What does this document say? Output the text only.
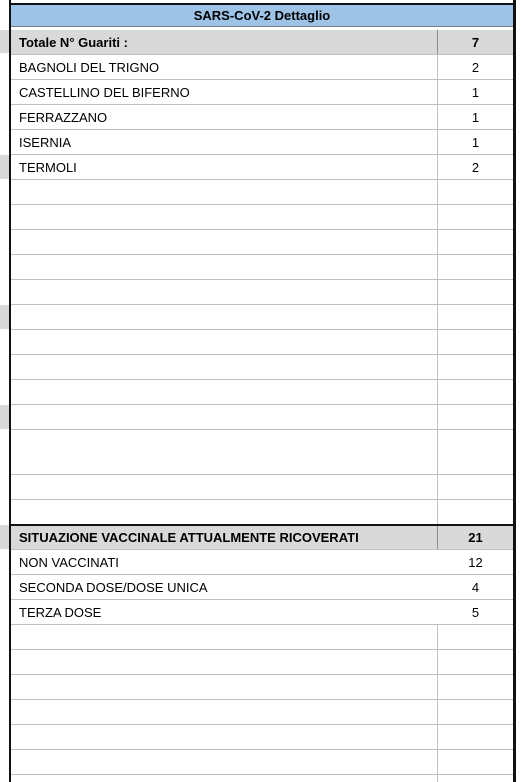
SARS-CoV-2 Dettaglio
Totale N° Guariti :	7
BAGNOLI DEL TRIGNO	2
CASTELLINO DEL BIFERNO	1
FERRAZZANO	1
ISERNIA	1
TERMOLI	2
SITUAZIONE VACCINALE ATTUALMENTE RICOVERATI	21
NON VACCINATI	12
SECONDA DOSE/DOSE UNICA	4
TERZA DOSE	5
